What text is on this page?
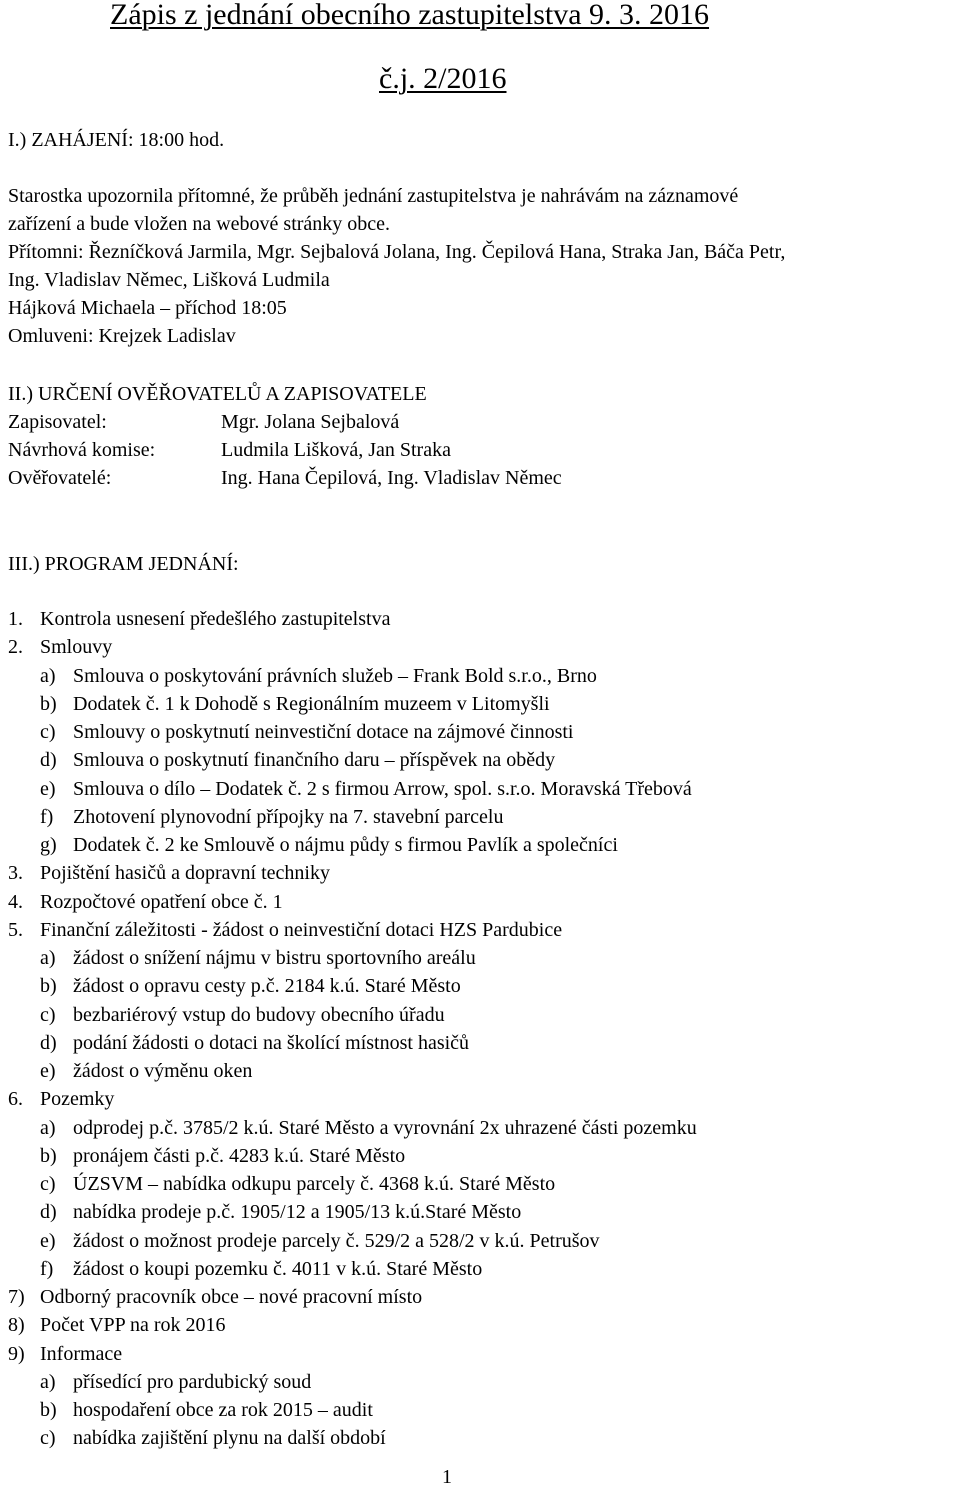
Zápis z jednání obecního zastupitelstva 9. 3. 2016
č.j. 2/2016
I.) ZAHÁJENÍ: 18:00 hod.
Starostka upozornila přítomné, že průběh jednání zastupitelstva je nahrávám na záznamové
zařízení a bude vložen na webové stránky obce.
Přítomni: Řezníčková Jarmila, Mgr. Sejbalová Jolana, Ing. Čepilová Hana, Straka Jan, Báča Petr,
Ing. Vladislav Němec, Lišková Ludmila
Hájková Michaela – příchod 18:05
Omluveni: Krejzek Ladislav
II.) URČENÍ OVĚŘOVATELŮ A ZAPISOVATELE
Zapisovatel:	Mgr. Jolana Sejbalová
Návrhová komise:	Ludmila Lišková, Jan Straka
Ověřovatelé:	Ing. Hana Čepilová, Ing. Vladislav Němec
III.) PROGRAM JEDNÁNÍ:
1. Kontrola usnesení předešlého zastupitelstva
2. Smlouvy
a) Smlouva o poskytování právních služeb – Frank Bold s.r.o., Brno
b) Dodatek č. 1 k Dohodě s Regionálním muzeem v Litomyšli
c) Smlouvy o poskytnutí neinvestiční dotace na zájmové činnosti
d) Smlouva o poskytnutí finančního daru – příspěvek na obědy
e) Smlouva o dílo – Dodatek č. 2 s firmou Arrow, spol. s.r.o. Moravská Třebová
f) Zhotovení plynovodní přípojky na 7. stavební parcelu
g) Dodatek č. 2 ke Smlouvě o nájmu půdy s firmou Pavlík a společníci
3. Pojištění hasičů a dopravní techniky
4. Rozpočtové opatření obce č. 1
5. Finanční záležitosti - žádost o neinvestiční dotaci HZS Pardubice
a) žádost o snížení nájmu v bistru sportovního areálu
b) žádost o opravu cesty p.č. 2184 k.ú. Staré Město
c) bezbariérový vstup do budovy obecního úřadu
d) podání žádosti o dotaci na školící místnost hasičů
e) žádost o výměnu oken
6. Pozemky
a) odprodej p.č. 3785/2 k.ú. Staré Město a vyrovnání 2x uhrazené části pozemku
b) pronájem části p.č. 4283 k.ú. Staré Město
c) ÚZSVM – nabídka odkupu parcely č. 4368 k.ú. Staré Město
d) nabídka prodeje p.č. 1905/12 a 1905/13 k.ú.Staré Město
e) žádost o možnost prodeje parcely č. 529/2 a 528/2 v k.ú. Petrušov
f) žádost o koupi pozemku č. 4011 v k.ú. Staré Město
7) Odborný pracovník obce – nové pracovní místo
8) Počet VPP na rok 2016
9) Informace
a) přísedící pro pardubický soud
b) hospodaření obce za rok 2015 – audit
c) nabídka zajištění plynu na další období
1
